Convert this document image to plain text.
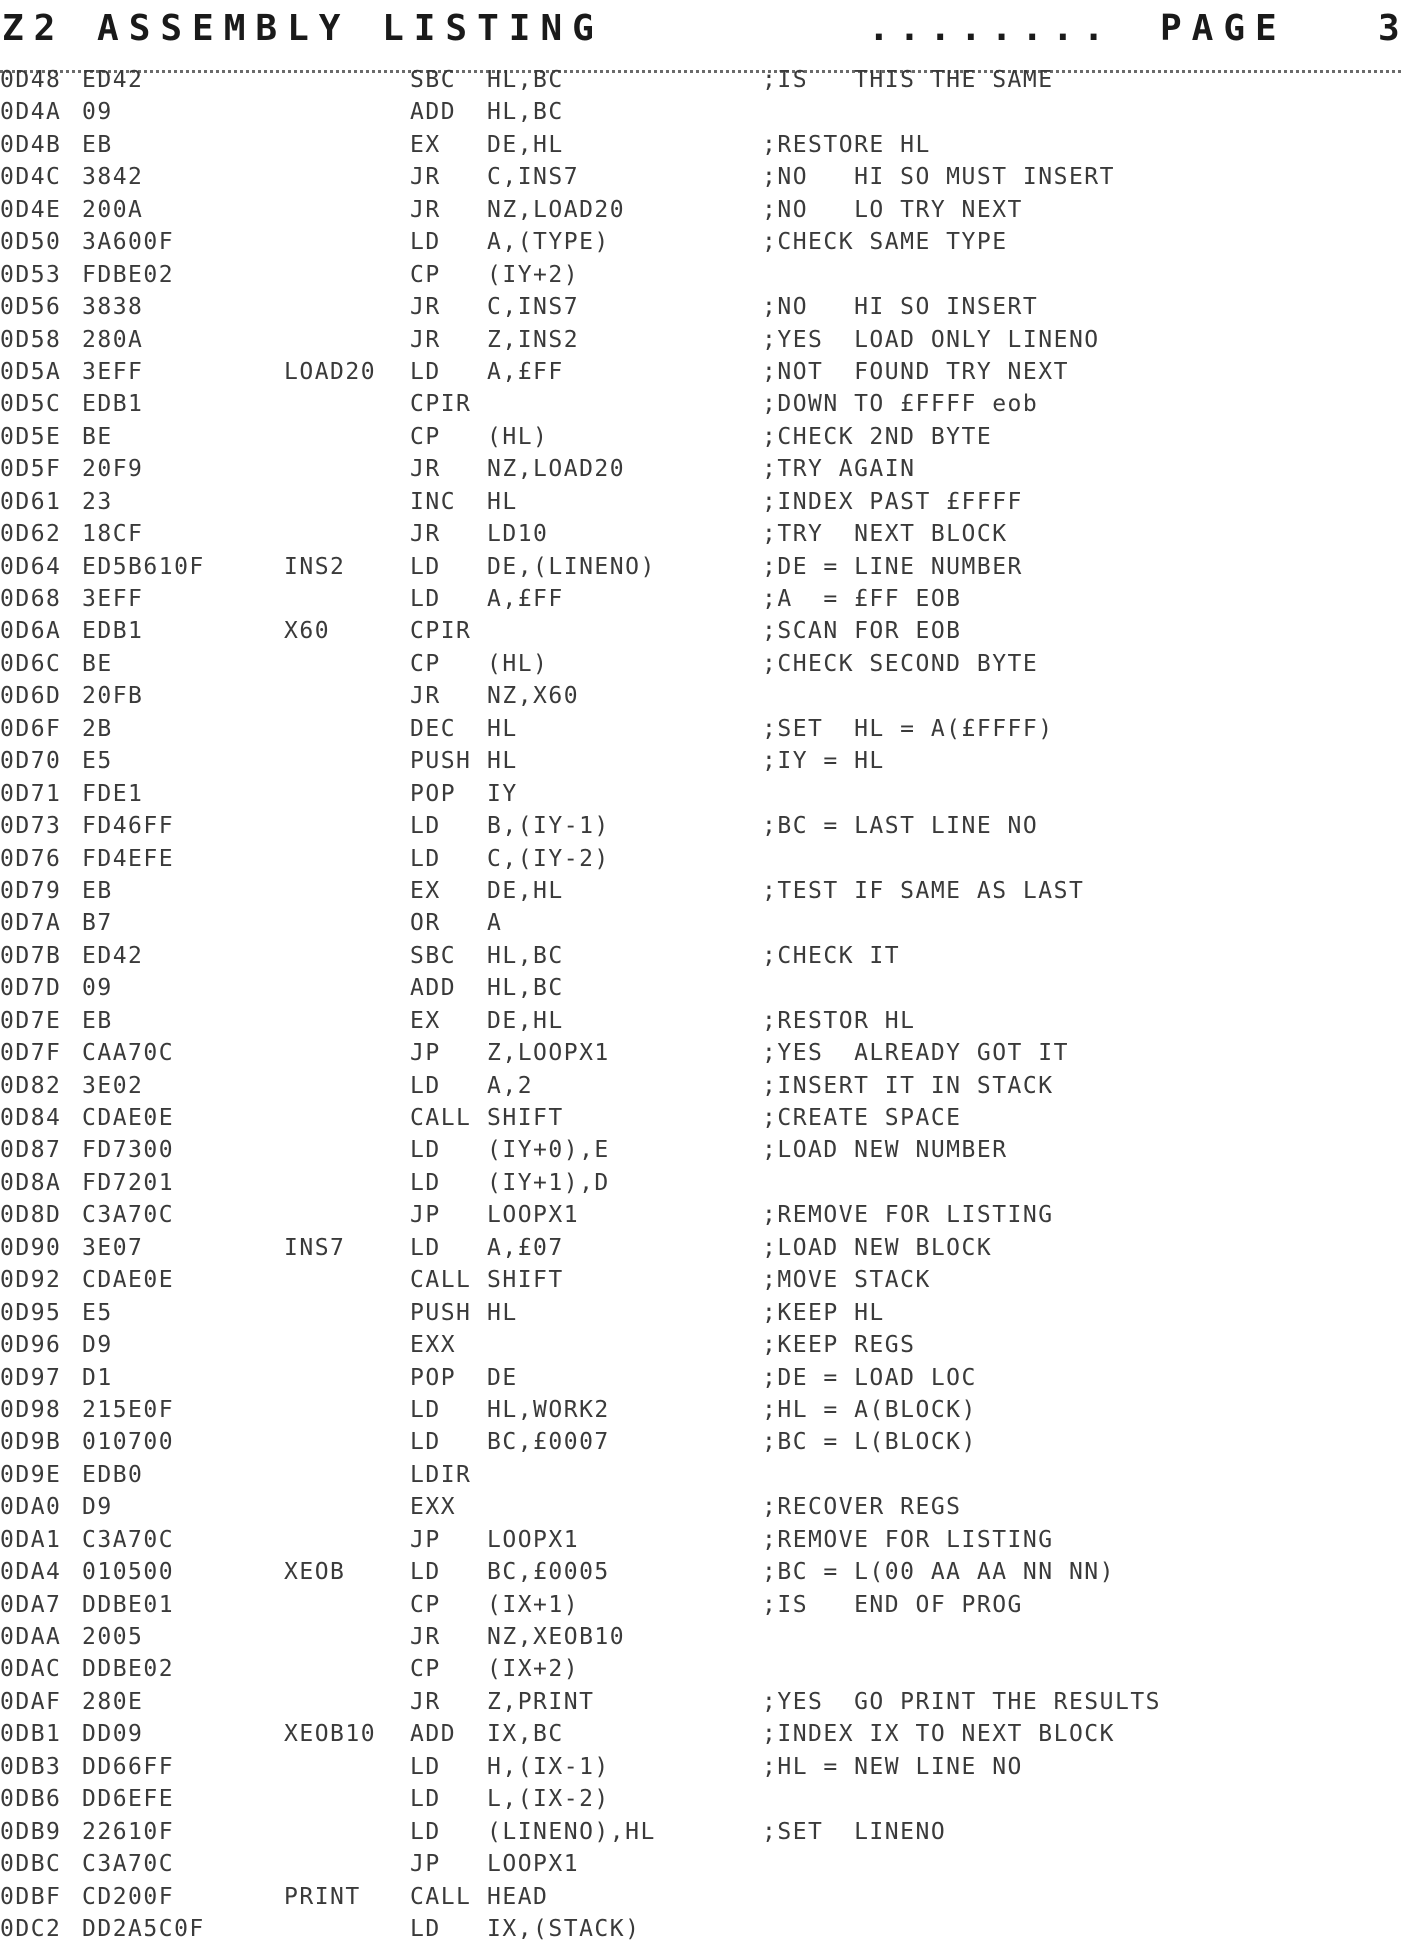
Z2 ASSEMBLY LISTING	........ PAGE	3
0D48 ED42	SBC HL,BC	;IS   THIS THE SAME
0D4A 09	ADD HL,BC
0D4B EB	EX DE,HL	;RESTORE HL
0D4C 3842	JR C,INS7	;NO   HI SO MUST INSERT
0D4E 200A	JR NZ,LOAD20	;NO   LO TRY NEXT
0D50 3A600F	LD A,(TYPE)	;CHECK SAME TYPE
0D53 FDBE02	CP (IY+2)
0D56 3838	JR C,INS7	;NO   HI SO INSERT
0D58 280A	JR Z,INS2	;YES  LOAD ONLY LINENO
0D5A 3EFF	LOAD20 LD A,£FF	;NOT  FOUND TRY NEXT
0D5C EDB1	CPIR	;DOWN TO £FFFF eob
0D5E BE	CP (HL)	;CHECK 2ND BYTE
0D5F 20F9	JR NZ,LOAD20	;TRY AGAIN
0D61 23	INC HL	;INDEX PAST £FFFF
0D62 18CF	JR LD10	;TRY  NEXT BLOCK
0D64 ED5B610F	INS2	LD DE,(LINENO)	;DE = LINE NUMBER
0D68 3EFF	LD A,£FF	;A  = £FF EOB
0D6A EDB1	X60	CPIR	;SCAN FOR EOB
0D6C BE	CP (HL)	;CHECK SECOND BYTE
0D6D 20FB	JR NZ,X60
0D6F 2B	DEC HL	;SET  HL = A(£FFFF)
0D70 E5	PUSH HL	;IY = HL
0D71 FDE1	POP IY
0D73 FD46FF	LD B,(IY-1)	;BC = LAST LINE NO
0D76 FD4EFE	LD C,(IY-2)
0D79 EB	EX DE,HL	;TEST IF SAME AS LAST
0D7A B7	OR A
0D7B ED42	SBC HL,BC	;CHECK IT
0D7D 09	ADD HL,BC
0D7E EB	EX DE,HL	;RESTOR HL
0D7F CAA70C	JP Z,LOOPX1	;YES  ALREADY GOT IT
0D82 3E02	LD A,2	;INSERT IT IN STACK
0D84 CDAE0E	CALL SHIFT	;CREATE SPACE
0D87 FD7300	LD (IY+0),E	;LOAD NEW NUMBER
0D8A FD7201	LD (IY+1),D
0D8D C3A70C	JP LOOPX1	;REMOVE FOR LISTING
0D90 3E07	INS7	LD A,£07	;LOAD NEW BLOCK
0D92 CDAE0E	CALL SHIFT	;MOVE STACK
0D95 E5	PUSH HL	;KEEP HL
0D96 D9	EXX	;KEEP REGS
0D97 D1	POP DE	;DE = LOAD LOC
0D98 215E0F	LD HL,WORK2	;HL = A(BLOCK)
0D9B 010700	LD BC,£0007	;BC = L(BLOCK)
0D9E EDB0	LDIR
0DA0 D9	EXX	;RECOVER REGS
0DA1 C3A70C	JP LOOPX1	;REMOVE FOR LISTING
0DA4 010500	XEOB	LD BC,£0005	;BC = L(00 AA AA NN NN)
0DA7 DDBE01	CP (IX+1)	;IS   END OF PROG
0DAA 2005	JR NZ,XEOB10
0DAC DDBE02	CP (IX+2)
0DAF 280E	JR Z,PRINT	;YES  GO PRINT THE RESULTS
0DB1 DD09	XEOB10 ADD IX,BC	;INDEX IX TO NEXT BLOCK
0DB3 DD66FF	LD H,(IX-1)	;HL = NEW LINE NO
0DB6 DD6EFE	LD L,(IX-2)
0DB9 22610F	LD (LINENO),HL	;SET  LINENO
0DBC C3A70C	JP LOOPX1
0DBF CD200F	PRINT CALL HEAD
0DC2 DD2A5C0F	LD IX,(STACK)
